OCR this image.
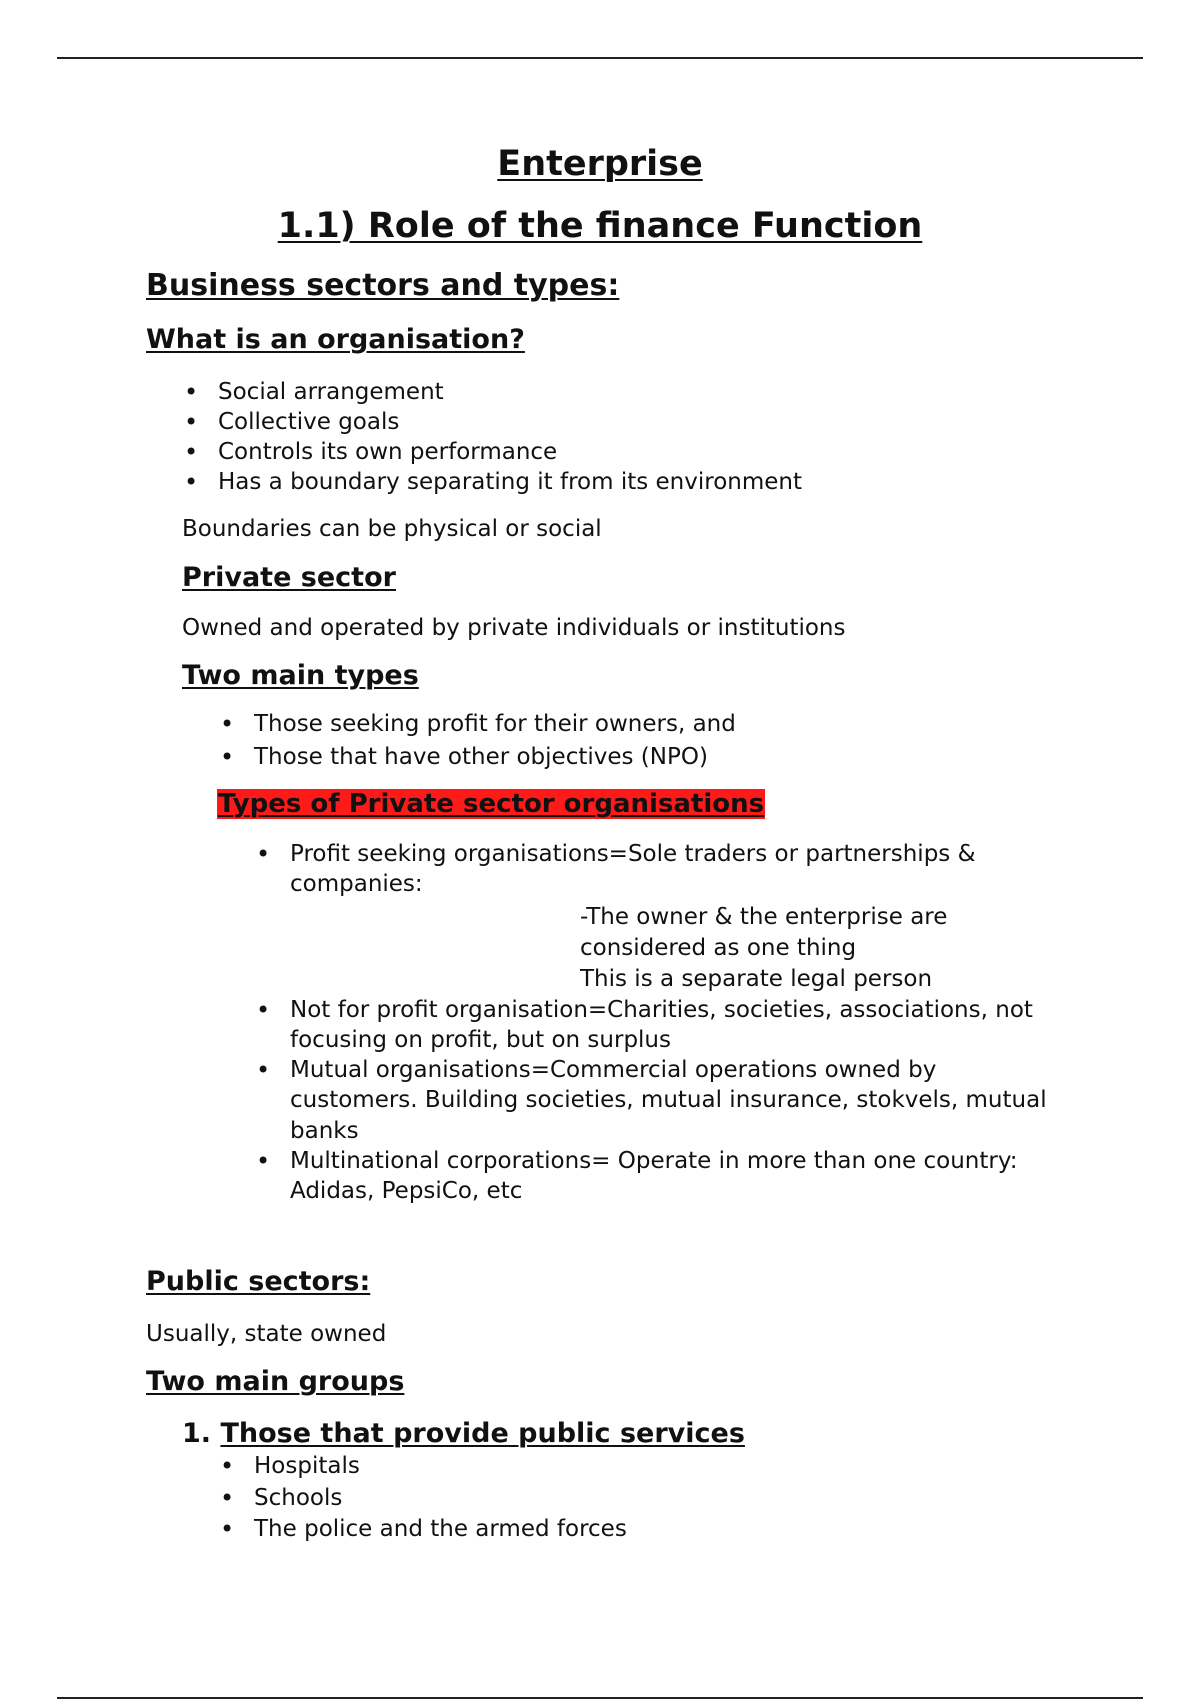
Enterprise
1.1) Role of the finance Function
Business sectors and types:
What is an organisation?
• Social arrangement
• Collective goals
• Controls its own performance
• Has a boundary separating it from its environment
Boundaries can be physical or social
Private sector
Owned and operated by private individuals or institutions
Two main types
• Those seeking profit for their owners, and
• Those that have other objectives (NPO)
Types of Private sector organisations
• Profit seeking organisations=Sole traders or partnerships & companies:
-The owner & the enterprise are
considered as one thing
This is a separate legal person
• Not for profit organisation=Charities, societies, associations, not focusing on profit, but on surplus
• Mutual organisations=Commercial operations owned by customers. Building societies, mutual insurance, stokvels, mutual banks
• Multinational corporations= Operate in more than one country: Adidas, PepsiCo, etc
Public sectors:
Usually, state owned
Two main groups
1. Those that provide public services
• Hospitals
• Schools
• The police and the armed forces
